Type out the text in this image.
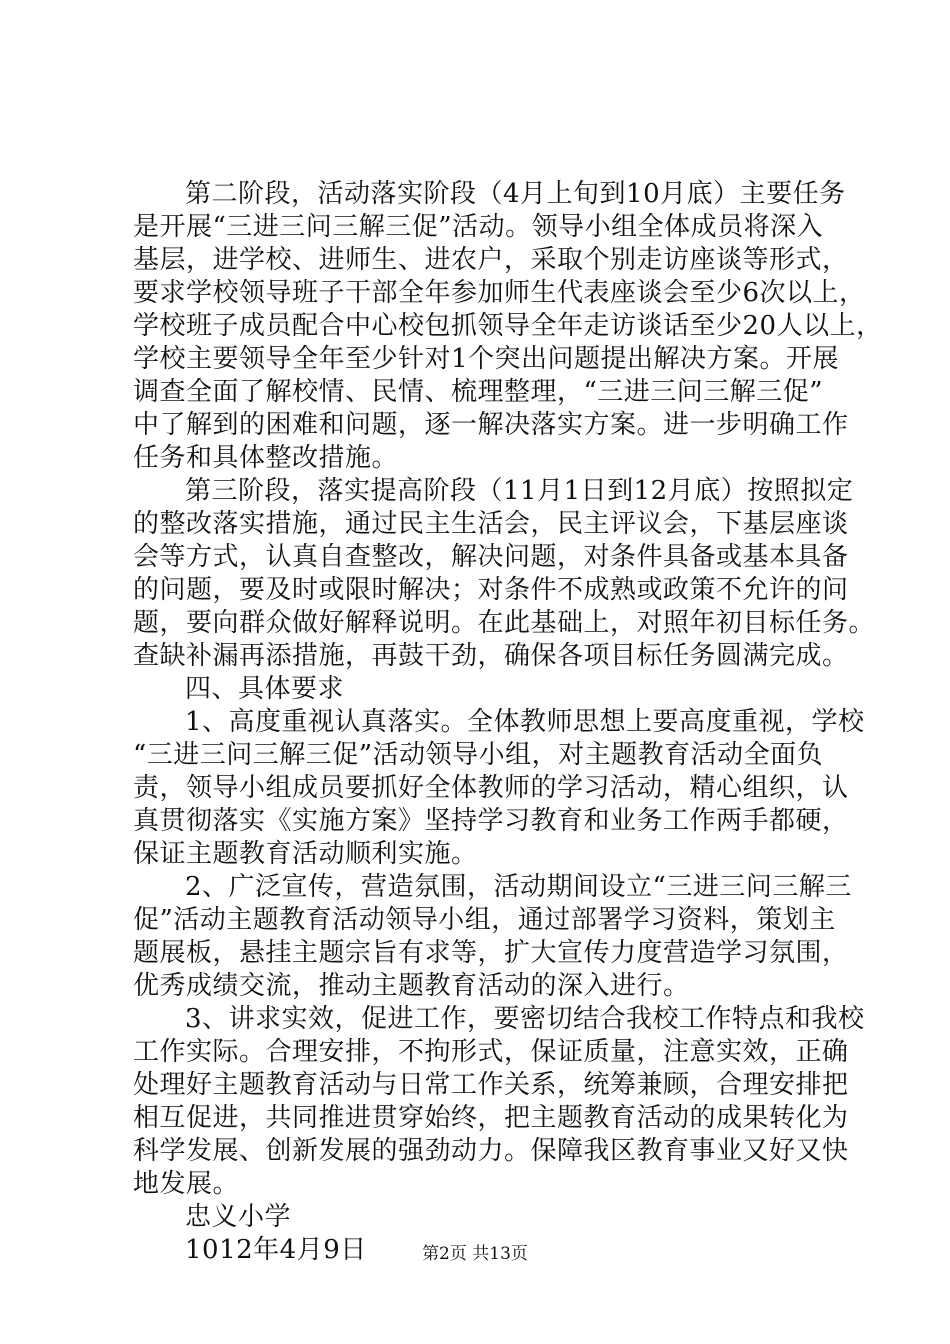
第二阶段，活动落实阶段（4月上旬到10月底）主要任务
是开展“三进三问三解三促”活动。领导小组全体成员将深入
基层，进学校、进师生、进农户，采取个别走访座谈等形式，
要求学校领导班子干部全年参加师生代表座谈会至少6次以上，
学校班子成员配合中心校包抓领导全年走访谈话至少20人以上，
学校主要领导全年至少针对1个突出问题提出解决方案。开展
调查全面了解校情、民情、梳理整理，“三进三问三解三促”
中了解到的困难和问题，逐一解决落实方案。进一步明确工作
任务和具体整改措施。
第三阶段，落实提高阶段（11月1日到12月底）按照拟定
的整改落实措施，通过民主生活会，民主评议会，下基层座谈
会等方式，认真自查整改，解决问题，对条件具备或基本具备
的问题，要及时或限时解决；对条件不成熟或政策不允许的问
题，要向群众做好解释说明。在此基础上，对照年初目标任务。
查缺补漏再添措施，再鼓干劲，确保各项目标任务圆满完成。
四、具体要求
1、高度重视认真落实。全体教师思想上要高度重视，学校
“三进三问三解三促”活动领导小组，对主题教育活动全面负
责，领导小组成员要抓好全体教师的学习活动，精心组织，认
真贯彻落实《实施方案》坚持学习教育和业务工作两手都硬，
保证主题教育活动顺利实施。
2、广泛宣传，营造氛围，活动期间设立“三进三问三解三
促”活动主题教育活动领导小组，通过部署学习资料，策划主
题展板，悬挂主题宗旨有求等，扩大宣传力度营造学习氛围，
优秀成绩交流，推动主题教育活动的深入进行。
3、讲求实效，促进工作，要密切结合我校工作特点和我校
工作实际。合理安排，不拘形式，保证质量，注意实效，正确
处理好主题教育活动与日常工作关系，统筹兼顾，合理安排把
相互促进，共同推进贯穿始终，把主题教育活动的成果转化为
科学发展、创新发展的强劲动力。保障我区教育事业又好又快
地发展。
忠义小学
1012年4月9日	第2页 共13页
